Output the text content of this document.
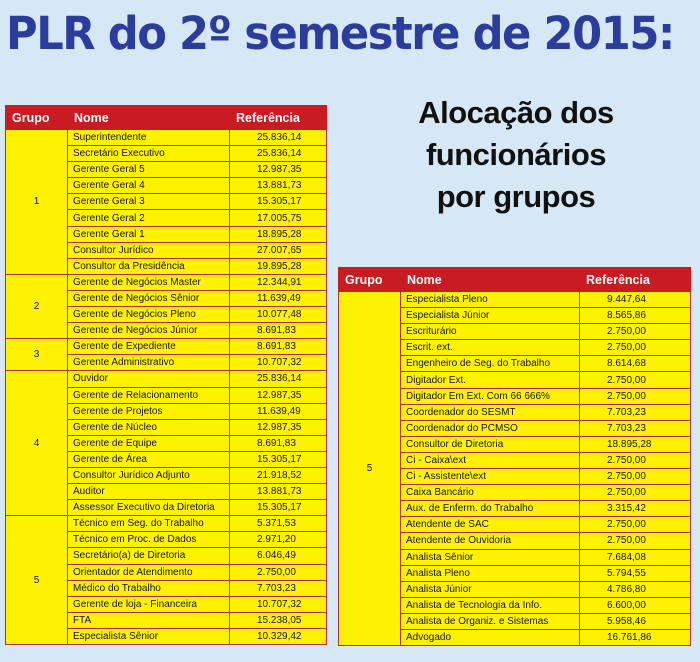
PLR do 2º semestre de 2015:
Alocação dos
funcionários
por grupos
Grupo	Nome	Referência
1	Superintendente	25.836,14
	Secretário Executivo	25.836,14
	Gerente Geral 5	12.987,35
	Gerente Geral 4	13.881,73
	Gerente Geral 3	15.305,17
	Gerente Geral 2	17.005,75
	Gerente Geral 1	18.895,28
	Consultor Jurídico	27.007,65
	Consultor da Presidência	19.895,28
2	Gerente de Negócios Master	12.344,91
	Gerente de Negócios Sênior	11.639,49
	Gerente de Negócios Pleno	10.077,48
	Gerente de Negócios Júnior	8.691,83
3	Gerente de Expediente	8.691,83
	Gerente Administrativo	10.707,32
4	Ouvidor	25.836,14
	Gerente de Relacionamento	12.987,35
	Gerente de Projetos	11.639,49
	Gerente de Núcleo	12.987,35
	Gerente de Equipe	8.691,83
	Gerente de Área	15.305,17
	Consultor Jurídico Adjunto	21.918,52
	Auditor	13.881,73
	Assessor Executivo da Diretoria	15.305,17
5	Técnico em Seg. do Trabalho	5.371,53
	Técnico em Proc. de Dados	2.971,20
	Secretário(a) de Diretoria	6.046,49
	Orientador de Atendimento	2.750,00
	Médico do Trabalho	7.703,23
	Gerente de loja - Financeira	10.707,32
	FTA	15.238,05
	Especialista Sênior	10.329,42
Grupo	Nome	Referência
5	Especialista Pleno	9.447,64
	Especialista Júnior	8.565,86
	Escriturário	2.750,00
	Escrit. ext.	2.750,00
	Engenheiro de Seg. do Trabalho	8.614,68
	Digitador Ext.	2.750,00
	Digitador Em Ext. Com 66 666%	2.750,00
	Coordenador do SESMT	7.703,23
	Coordenador do PCMSO	7.703,23
	Consultor de Diretoria	18.895,28
	Ci - Caixa\ext	2.750,00
	Ci - Assistente\ext	2.750,00
	Caixa Bancário	2.750,00
	Aux. de Enferm. do Trabalho	3.315,42
	Atendente de SAC	2.750,00
	Atendente de Ouvidoria	2.750,00
	Analista Sênior	7.684,08
	Analista Pleno	5.794,55
	Analista Júnior	4.786,80
	Analista de Tecnologia da Info.	6.600,00
	Analista de Organiz. e Sistemas	5.958,46
	Advogado	16.761,86
